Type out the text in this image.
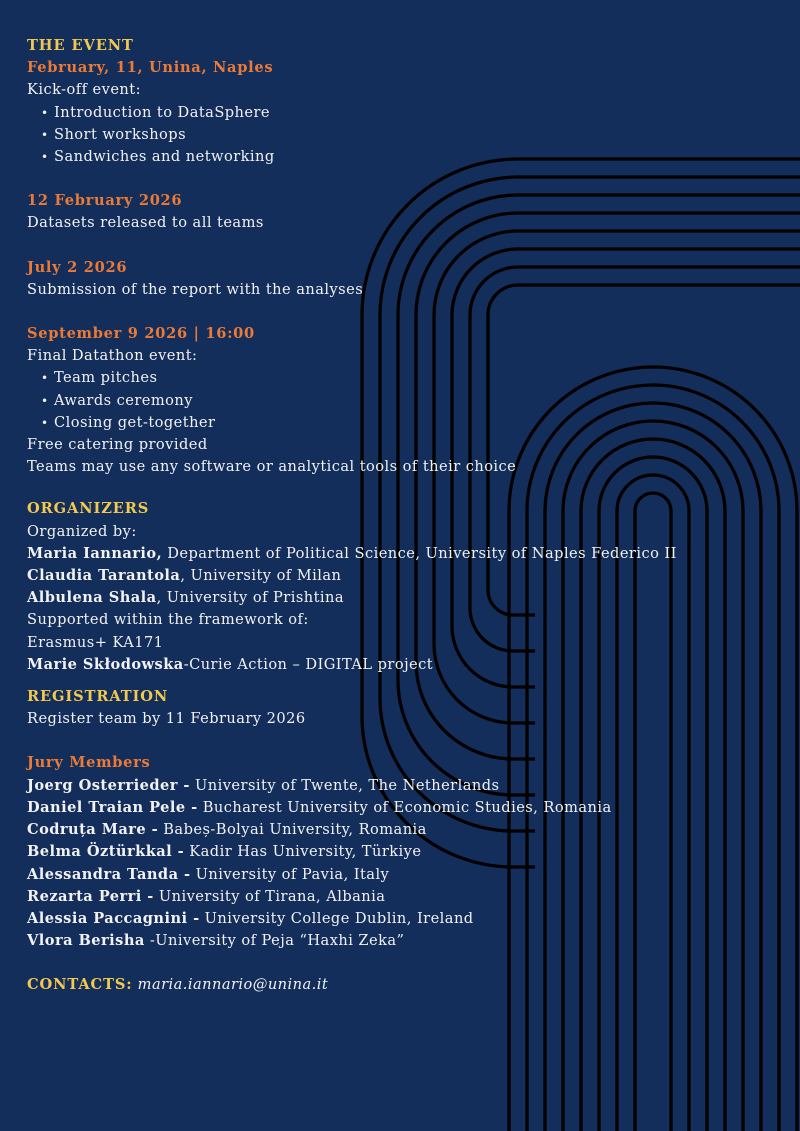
THE EVENT
February, 11, Unina, Naples
Kick-off event:
• Introduction to DataSphere
• Short workshops
• Sandwiches and networking
12 February 2026
Datasets released to all teams
July 2 2026
Submission of the report with the analyses
September 9 2026 | 16:00
Final Datathon event:
• Team pitches
• Awards ceremony
• Closing get-together
Free catering provided
Teams may use any software or analytical tools of their choice
ORGANIZERS
Organized by:
Maria Iannario, Department of Political Science, University of Naples Federico II
Claudia Tarantola, University of Milan
Albulena Shala, University of Prishtina
Supported within the framework of:
Erasmus+ KA171
Marie Skłodowska-Curie Action – DIGITAL project
REGISTRATION
Register team by 11 February 2026
Jury Members
Joerg Osterrieder - University of Twente, The Netherlands
Daniel Traian Pele - Bucharest University of Economic Studies, Romania
Codruța Mare - Babeș-Bolyai University, Romania
Belma Öztürkkal - Kadir Has University, Türkiye
Alessandra Tanda - University of Pavia, Italy
Rezarta Perri - University of Tirana, Albania
Alessia Paccagnini - University College Dublin, Ireland
Vlora Berisha -University of Peja “Haxhi Zeka”
CONTACTS: maria.iannario@unina.it
